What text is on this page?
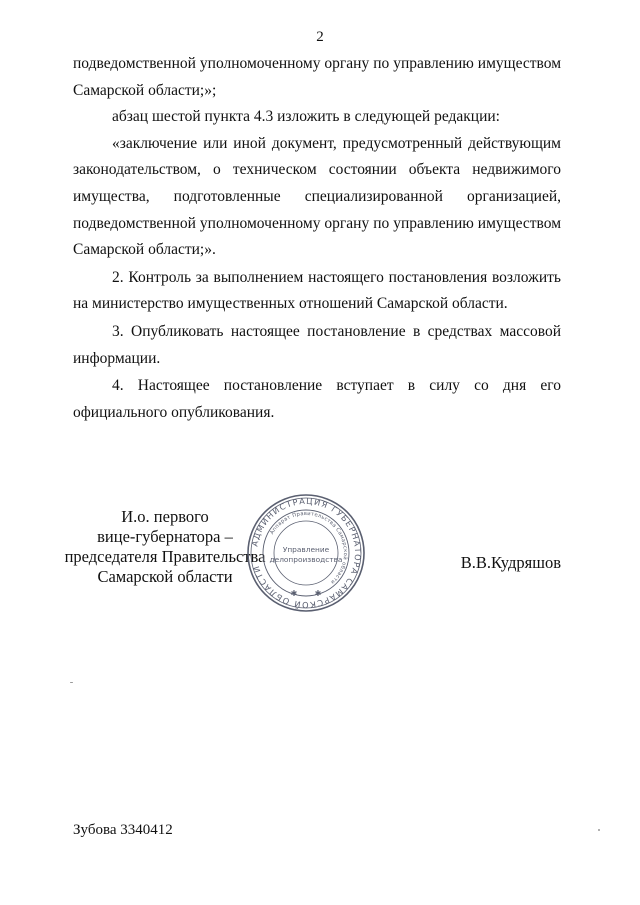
2

подведомственной уполномоченному органу по управлению имуществом Самарской области;»;

абзац шестой пункта 4.3 изложить в следующей редакции:

«заключение или иной документ, предусмотренный действующим законодательством, о техническом состоянии объекта недвижимого имущества, подготовленные специализированной организацией, подведомственной уполномоченному органу по управлению имуществом Самарской области;».

2. Контроль за выполнением настоящего постановления возложить на министерство имущественных отношений Самарской области.

3. Опубликовать настоящее постановление в средствах массовой информации.

4. Настоящее постановление вступает в силу со дня его официального опубликования.

И.о. первого
вице-губернатора –
председателя Правительства
Самарской области
АДМИНИСТРАЦИЯ ГУБЕРНАТОРА САМАРСКОЙ ОБЛАСТИ
Аппарат Правительства Самарской области
Управление
делопроизводства
✱ ✱
В.В.Кудряшов
Зубова 3340412
